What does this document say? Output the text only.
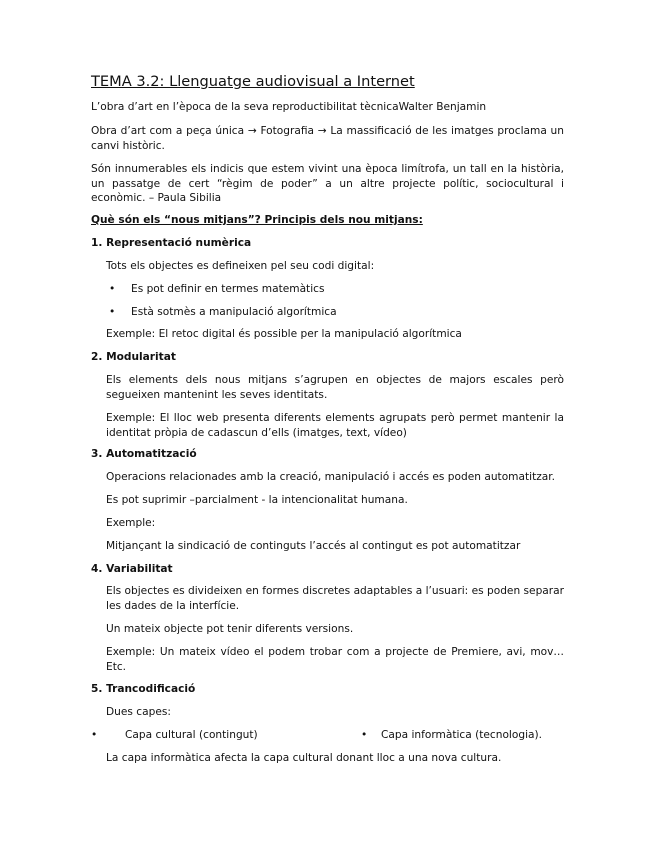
TEMA 3.2: Llenguatge audiovisual a Internet

L’obra d’art en l’època de la seva reproductibilitat tècnicaWalter Benjamin

Obra d’art com a peça única → Fotografia → La massificació de les imatges proclama un canvi històric.

Són innumerables els indicis que estem vivint una època limítrofa, un tall en la història, un passatge de cert “règim de poder” a un altre projecte polític, sociocultural i econòmic. – Paula Sibilia

Què són els “nous mitjans”? Principis dels nou mitjans:

1. Representació numèrica

Tots els objectes es defineixen pel seu codi digital:

• Es pot definir en termes matemàtics
• Està sotmès a manipulació algorítmica

Exemple: El retoc digital és possible per la manipulació algorítmica

2. Modularitat

Els elements dels nous mitjans s’agrupen en objectes de majors escales però segueixen mantenint les seves identitats.

Exemple: El lloc web presenta diferents elements agrupats però permet mantenir la identitat pròpia de cadascun d’ells (imatges, text, vídeo)

3. Automatització

Operacions relacionades amb la creació, manipulació i accés es poden automatitzar.

Es pot suprimir –parcialment - la intencionalitat humana.

Exemple:

Mitjançant la sindicació de continguts l’accés al contingut es pot automatitzar

4. Variabilitat

Els objectes es divideixen en formes discretes adaptables a l’usuari: es poden separar les dades de la interfície.

Un mateix objecte pot tenir diferents versions.

Exemple: Un mateix vídeo el podem trobar com a projecte de Premiere, avi, mov… Etc.

5. Trancodificació

Dues capes:

•	Capa cultural (contingut)	• Capa informàtica (tecnologia).

La capa informàtica afecta la capa cultural donant lloc a una nova cultura.
